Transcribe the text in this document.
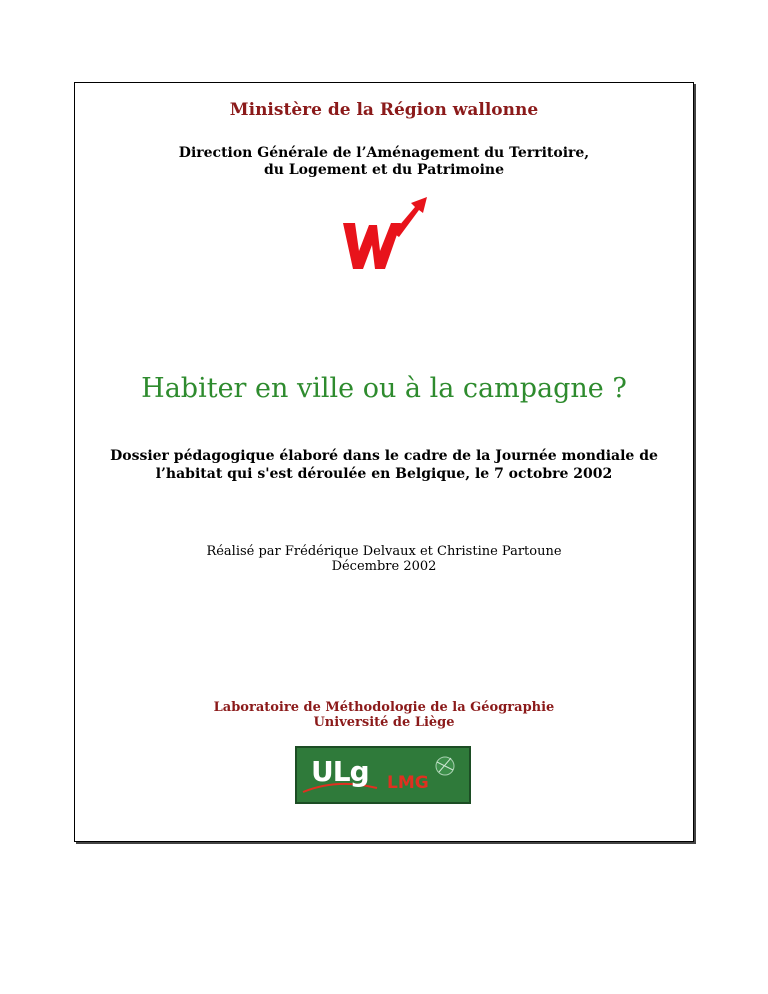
Ministère de la Région wallonne

Direction Générale de l’Aménagement du Territoire,
du Logement et du Patrimoine
Habiter en ville ou à la campagne ?
Dossier pédagogique élaboré dans le cadre de la Journée mondiale de
l’habitat qui s'est déroulée en Belgique, le 7 octobre 2002
Réalisé par Frédérique Delvaux et Christine Partoune
Décembre 2002
Laboratoire de Méthodologie de la Géographie
Université de Liège
ULg LMG
